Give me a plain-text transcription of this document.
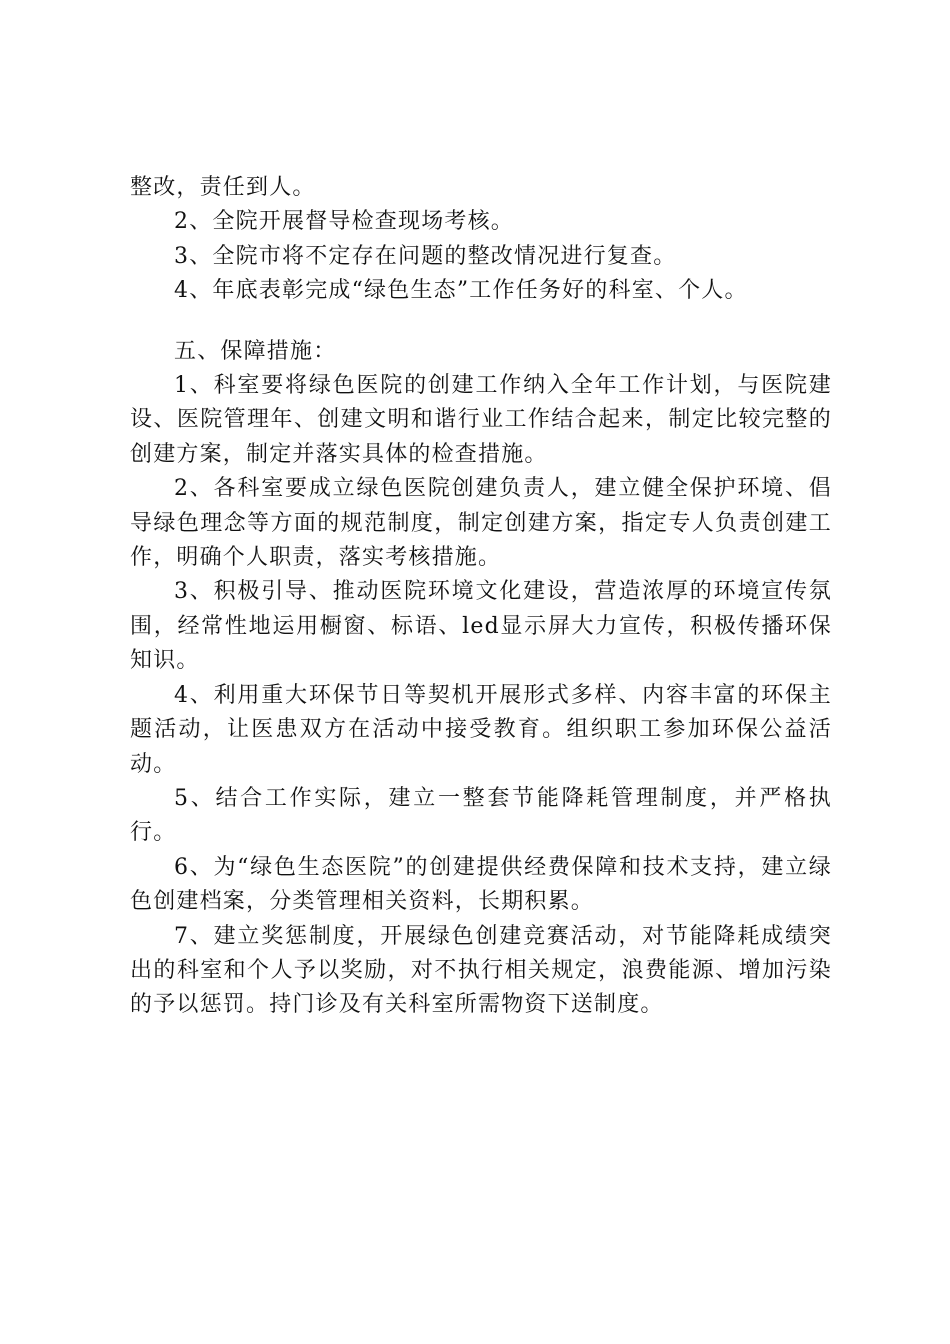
整改，责任到人。

2、全院开展督导检查现场考核。

3、全院市将不定存在问题的整改情况进行复查。

4、年底表彰完成“绿色生态”工作任务好的科室、个人。

五、保障措施：

1、科室要将绿色医院的创建工作纳入全年工作计划，与医院建设、医院管理年、创建文明和谐行业工作结合起来，制定比较完整的创建方案，制定并落实具体的检查措施。

2、各科室要成立绿色医院创建负责人，建立健全保护环境、倡导绿色理念等方面的规范制度，制定创建方案，指定专人负责创建工作，明确个人职责，落实考核措施。

3、积极引导、推动医院环境文化建设，营造浓厚的环境宣传氛围，经常性地运用橱窗、标语、led显示屏大力宣传，积极传播环保知识。

4、利用重大环保节日等契机开展形式多样、内容丰富的环保主题活动，让医患双方在活动中接受教育。组织职工参加环保公益活动。

5、结合工作实际，建立一整套节能降耗管理制度，并严格执行。

6、为“绿色生态医院”的创建提供经费保障和技术支持，建立绿色创建档案，分类管理相关资料，长期积累。

7、建立奖惩制度，开展绿色创建竞赛活动，对节能降耗成绩突出的科室和个人予以奖励，对不执行相关规定，浪费能源、增加污染的予以惩罚。持门诊及有关科室所需物资下送制度。
